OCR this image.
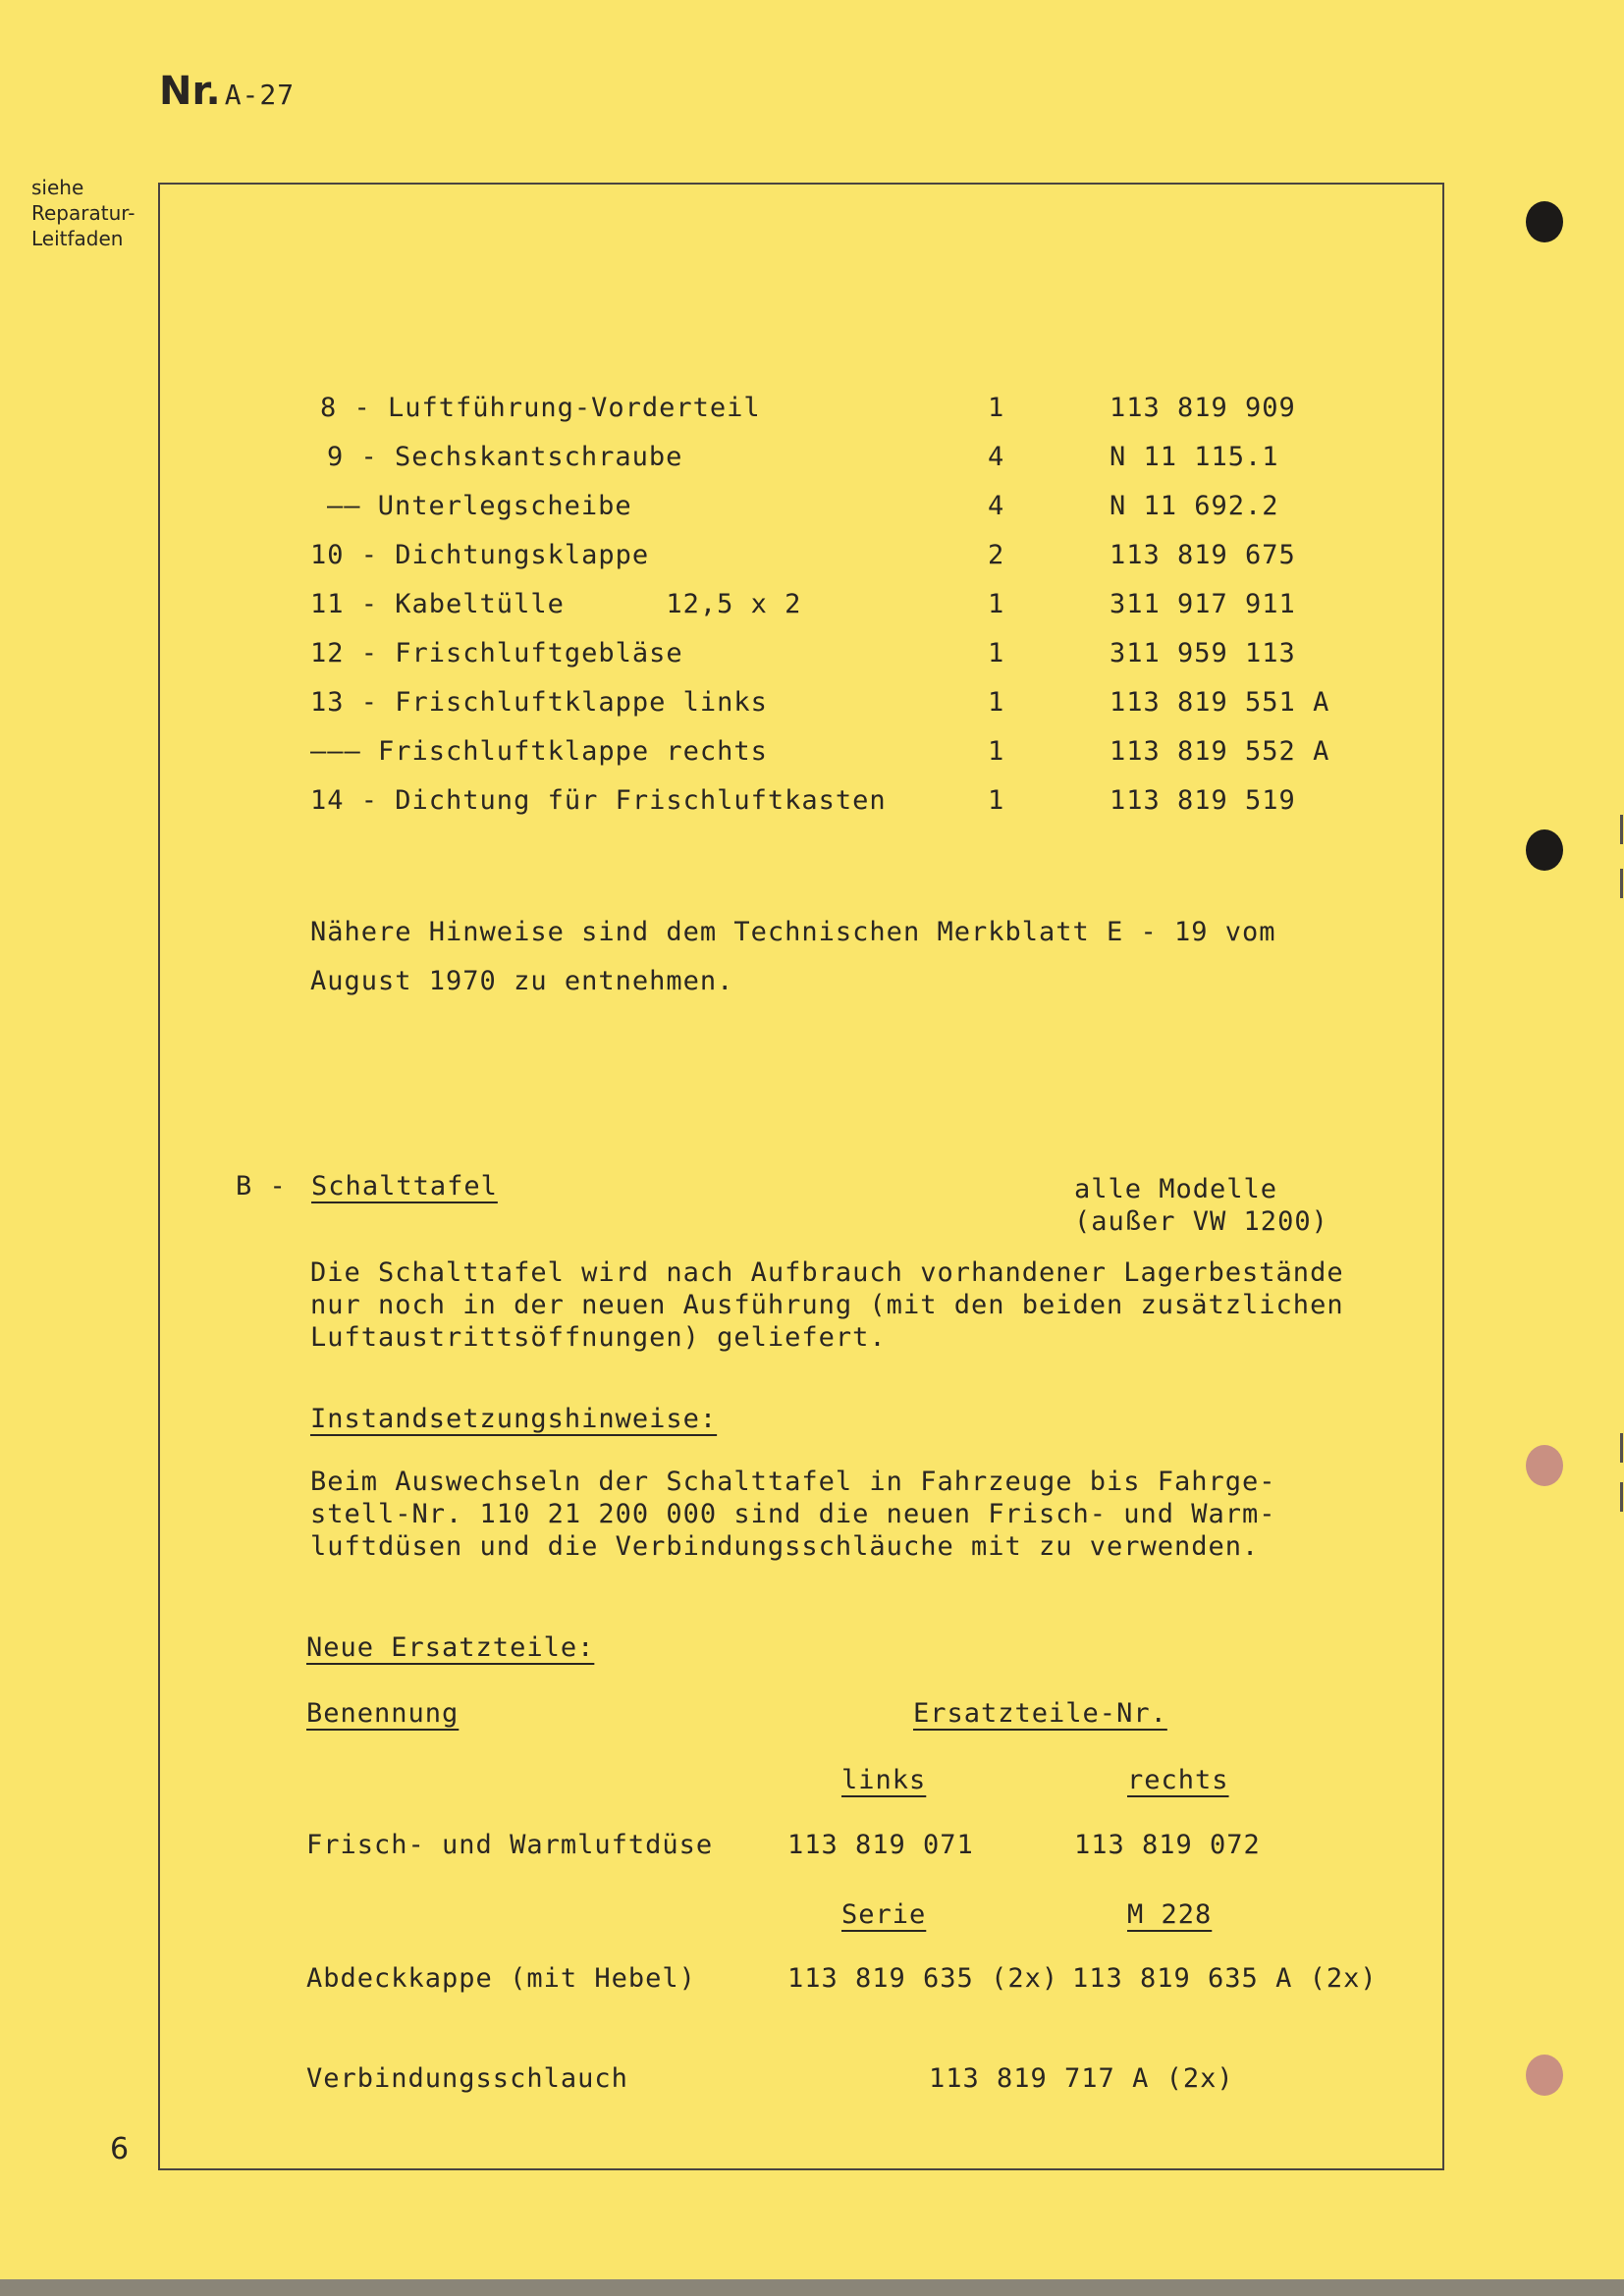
Nr. A-27
siehe
Reparatur-
Leitfaden
8 - Luftführung-Vorderteil	1	113 819 909
9 - Sechskantschraube	4	N 11 115.1
—— Unterlegscheibe	4	N 11 692.2
10 - Dichtungsklappe	2	113 819 675
11 - Kabeltülle      12,5 x 2	1	311 917 911
12 - Frischluftgebläse	1	311 959 113
13 - Frischluftklappe links	1	113 819 551 A
——— Frischluftklappe rechts	1	113 819 552 A
14 - Dichtung für Frischluftkasten	1	113 819 519
Nähere Hinweise sind dem Technischen Merkblatt E - 19 vom
August 1970 zu entnehmen.
B - Schalttafel	alle Modelle
(außer VW 1200)
Die Schalttafel wird nach Aufbrauch vorhandener Lagerbestände
nur noch in der neuen Ausführung (mit den beiden zusätzlichen
Luftaustrittsöffnungen) geliefert.
Instandsetzungshinweise:
Beim Auswechseln der Schalttafel in Fahrzeuge bis Fahrge-
stell-Nr. 110 21 200 000 sind die neuen Frisch- und Warm-
luftdüsen und die Verbindungsschläuche mit zu verwenden.
Neue Ersatzteile:
Benennung	Ersatzteile-Nr.
links	rechts
Frisch- und Warmluftdüse	113 819 071	113 819 072
Serie	M 228
Abdeckkappe (mit Hebel)	113 819 635 (2x) 113 819 635 A (2x)
Verbindungsschlauch	113 819 717 A (2x)
6
